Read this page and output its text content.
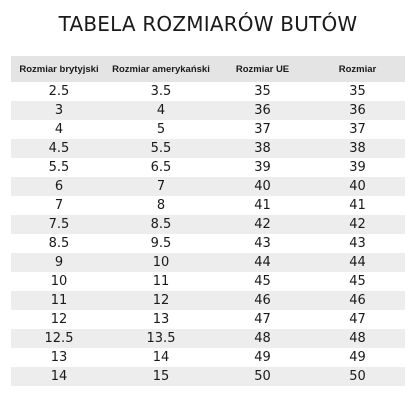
TABELA ROZMIARÓW BUTÓW
Rozmiar brytyjski	Rozmiar amerykański	Rozmiar UE	Rozmiar
2.5	3.5	35	35
3	4	36	36
4	5	37	37
4.5	5.5	38	38
5.5	6.5	39	39
6	7	40	40
7	8	41	41
7.5	8.5	42	42
8.5	9.5	43	43
9	10	44	44
10	11	45	45
11	12	46	46
12	13	47	47
12.5	13.5	48	48
13	14	49	49
14	15	50	50
